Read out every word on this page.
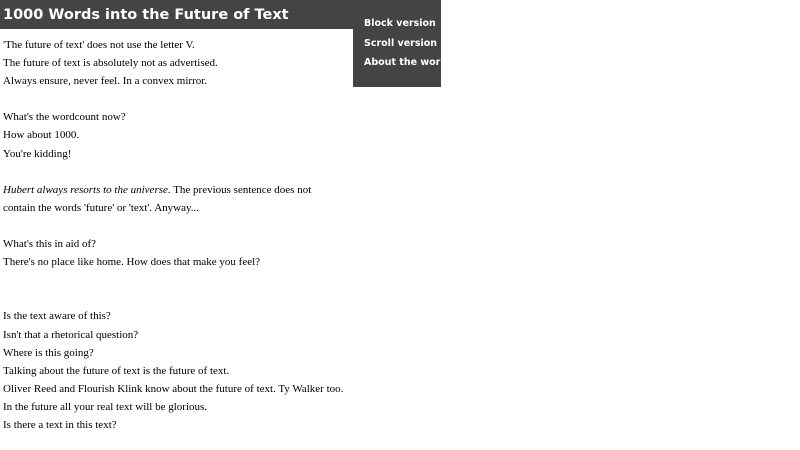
1000 Words into the Future of Text
Block version
Scroll version
About the work
'The future of text' does not use the letter V.
The future of text is absolutely not as advertised.
Always ensure, never feel. In a convex mirror.
What's the wordcount now?
How about 1000.
You're kidding!
Hubert always resorts to the universe. The previous sentence does not
contain the words 'future' or 'text'. Anyway...
What's this in aid of?
There's no place like home. How does that make you feel?
Is the text aware of this?
Isn't that a rhetorical question?
Where is this going?
Talking about the future of text is the future of text.
Oliver Reed and Flourish Klink know about the future of text. Ty Walker too.
In the future all your real text will be glorious.
Is there a text in this text?
